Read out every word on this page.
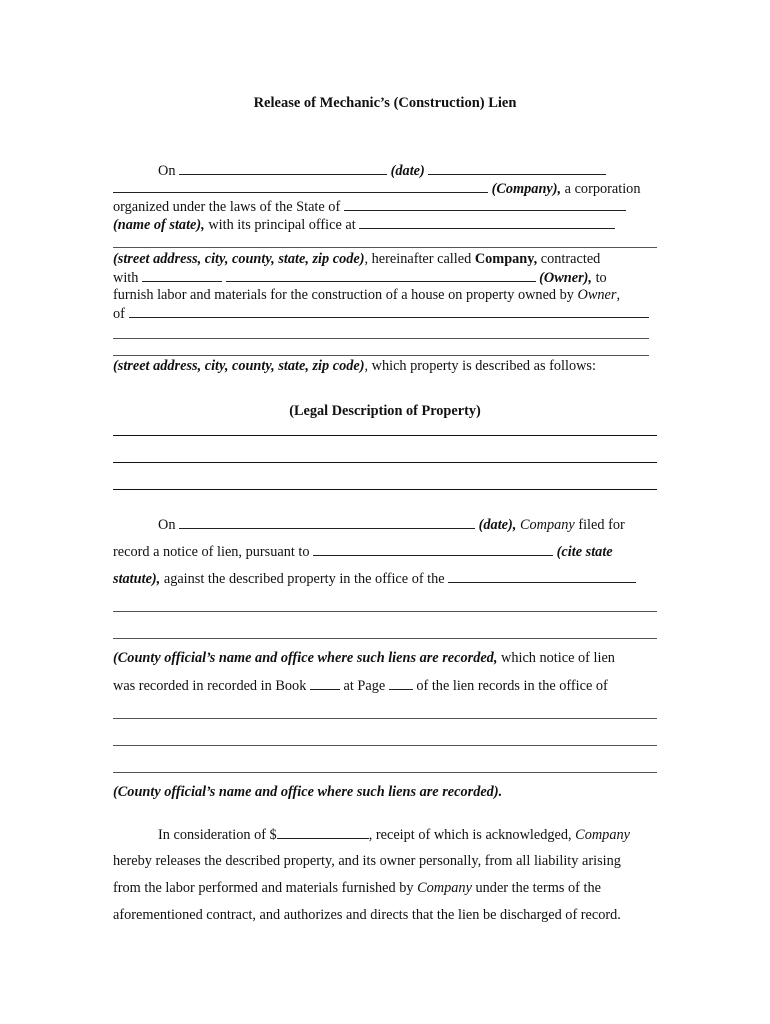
Release of Mechanic’s (Construction) Lien
On	(date)
(Company), a corporation
organized under the laws of the State of
(name of state), with its principal office at
(street address, city, county, state, zip code), hereinafter called Company, contracted
with	(Owner), to
furnish labor and materials for the construction of a house on property owned by Owner,
of
(street address, city, county, state, zip code), which property is described as follows:
(Legal Description of Property)
On	(date), Company filed for
record a notice of lien, pursuant to	(cite state
statute), against the described property in the office of the
(County official’s name and office where such liens are recorded, which notice of lien
was recorded in recorded in Book	at Page of the lien records in the office of
(County official’s name and office where such liens are recorded).
In consideration of $	, receipt of which is acknowledged, Company
hereby releases the described property, and its owner personally, from all liability arising
from the labor performed and materials furnished by Company under the terms of the
aforementioned contract, and authorizes and directs that the lien be discharged of record.
